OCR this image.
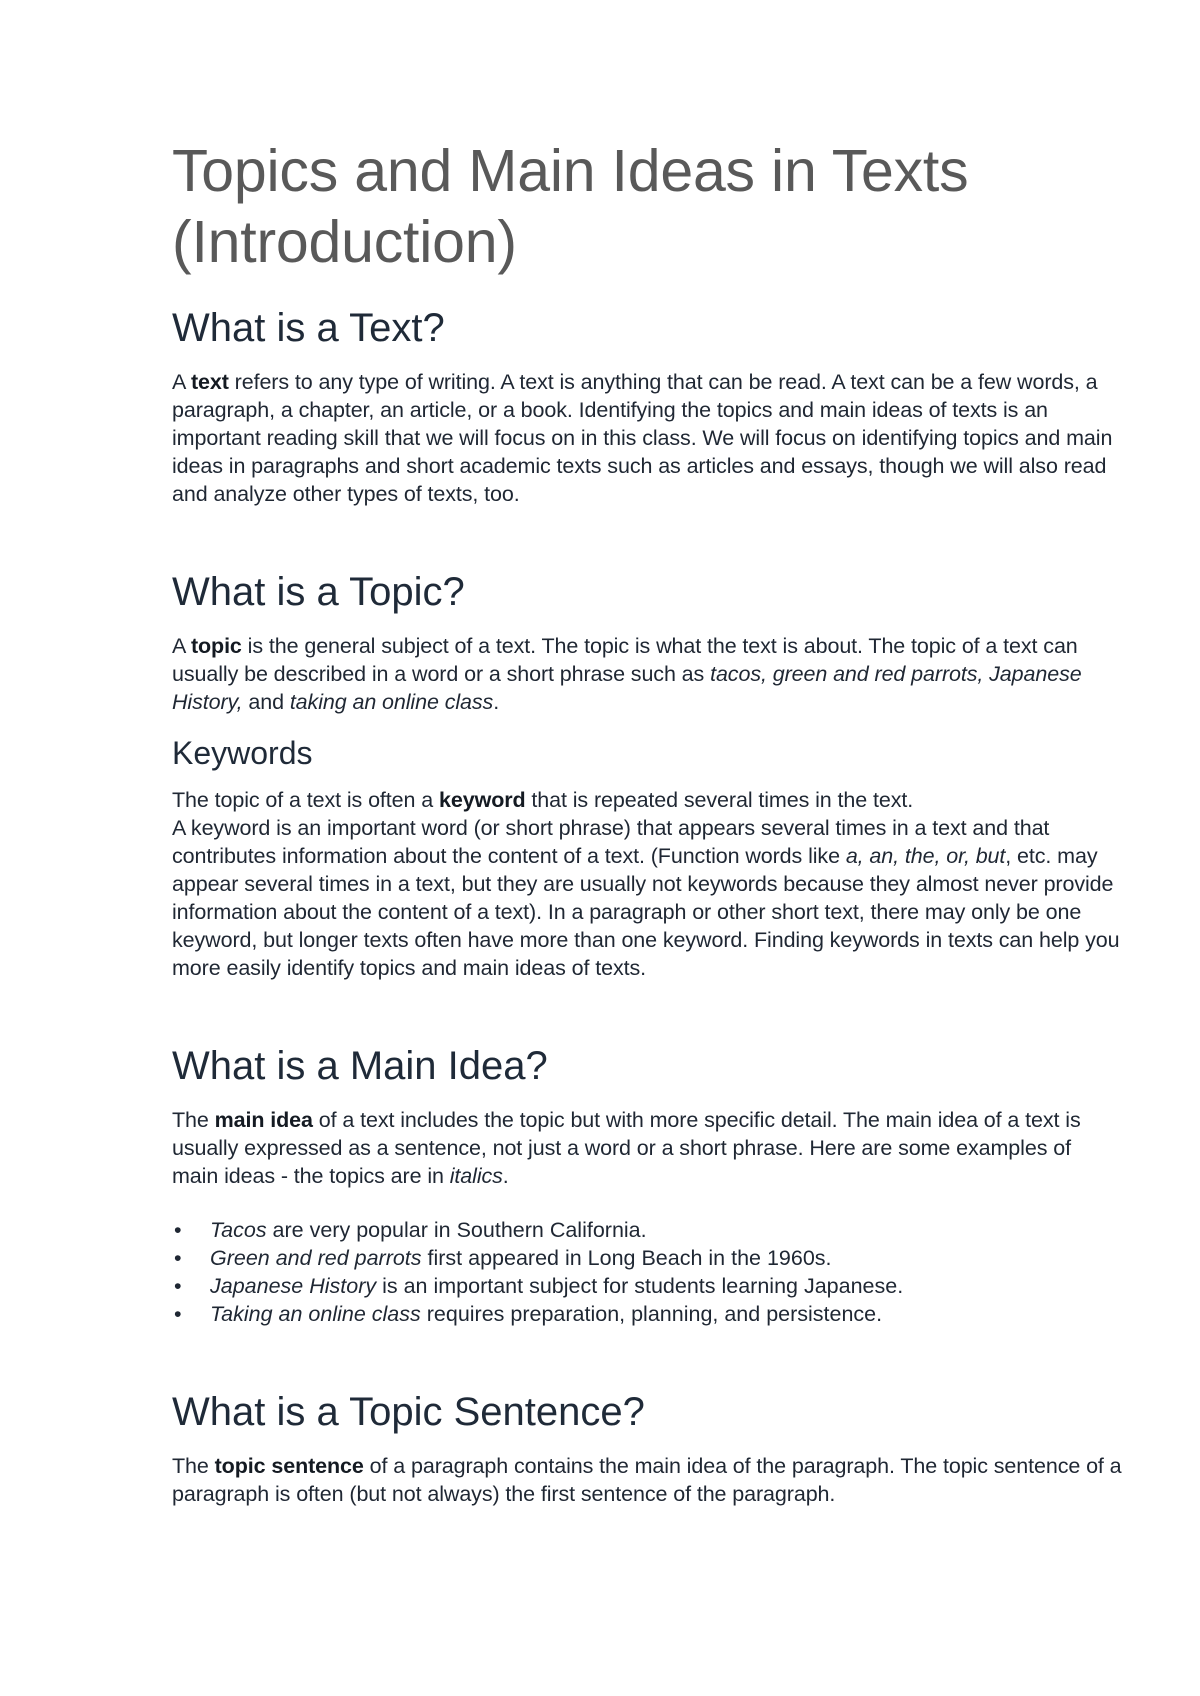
Topics and Main Ideas in Texts
(Introduction)
What is a Text?

A text refers to any type of writing. A text is anything that can be read. A text can be a few words, a paragraph, a chapter, an article, or a book. Identifying the topics and main ideas of texts is an important reading skill that we will focus on in this class. We will focus on identifying topics and main ideas in paragraphs and short academic texts such as articles and essays, though we will also read and analyze other types of texts, too.

What is a Topic?

A topic is the general subject of a text. The topic is what the text is about. The topic of a text can usually be described in a word or a short phrase such as tacos, green and red parrots, Japanese History, and taking an online class.

Keywords

The topic of a text is often a keyword that is repeated several times in the text.
A keyword is an important word (or short phrase) that appears several times in a text and that contributes information about the content of a text. (Function words like a, an, the, or, but, etc. may appear several times in a text, but they are usually not keywords because they almost never provide information about the content of a text). In a paragraph or other short text, there may only be one keyword, but longer texts often have more than one keyword. Finding keywords in texts can help you more easily identify topics and main ideas of texts.

What is a Main Idea?

The main idea of a text includes the topic but with more specific detail. The main idea of a text is usually expressed as a sentence, not just a word or a short phrase. Here are some examples of main ideas - the topics are in italics.

• Tacos are very popular in Southern California.
• Green and red parrots first appeared in Long Beach in the 1960s.
• Japanese History is an important subject for students learning Japanese.
• Taking an online class requires preparation, planning, and persistence.
What is a Topic Sentence?

The topic sentence of a paragraph contains the main idea of the paragraph. The topic sentence of a paragraph is often (but not always) the first sentence of the paragraph.
